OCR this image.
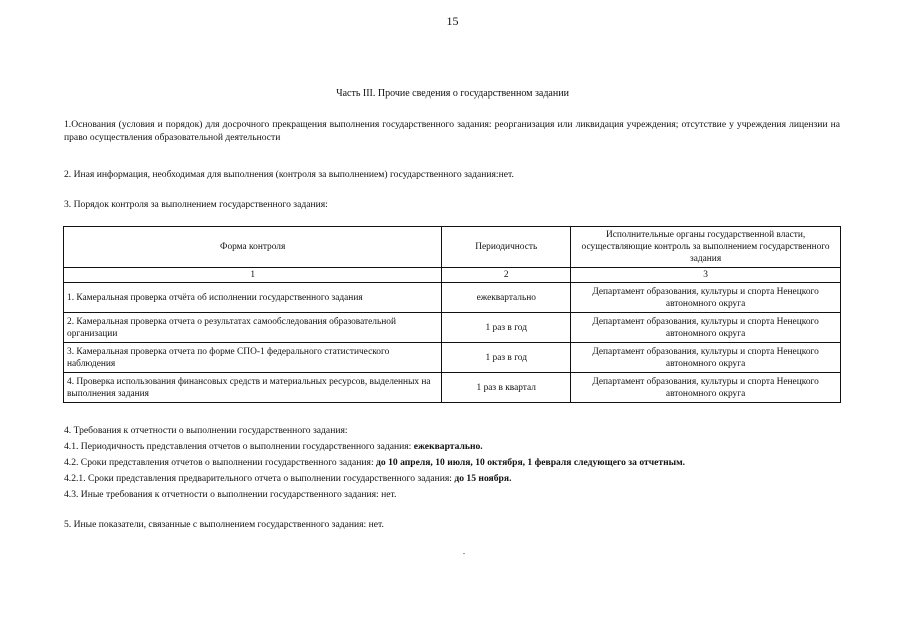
15
Часть III. Прочие сведения о государственном задании
1.Основания (условия и порядок) для досрочного прекращения выполнения государственного задания: реорганизация или ликвидация учреждения; отсутствие у учреждения лицензии на право осуществления образовательной деятельности
2. Иная информация, необходимая для выполнения (контроля за выполнением) государственного задания:нет.
3. Порядок контроля за выполнением государственного задания:
Форма контроля	Периодичность	Исполнительные органы государственной власти, осуществляющие контроль за выполнением государственного задания
1	2	3
1. Камеральная проверка отчёта об исполнении государственного задания	ежеквартально	Департамент образования, культуры и спорта Ненецкого автономного округа
2. Камеральная проверка отчета о результатах самообследования образовательной организации	1 раз в год	Департамент образования, культуры и спорта Ненецкого автономного округа
3. Камеральная проверка отчета по форме СПО-1 федерального статистического наблюдения	1 раз в год	Департамент образования, культуры и спорта Ненецкого автономного округа
4. Проверка использования финансовых средств и материальных ресурсов, выделенных на выполнения задания	1 раз в квартал	Департамент образования, культуры и спорта Ненецкого автономного округа
4. Требования к отчетности о выполнении государственного задания:
4.1. Периодичность представления отчетов о выполнении государственного задания: ежеквартально.
4.2. Сроки представления отчетов о выполнении государственного задания: до 10 апреля, 10 июля, 10 октября, 1 февраля следующего за отчетным.
4.2.1. Сроки представления предварительного отчета о выполнении государственного задания: до 15 ноября.
4.3. Иные требования к отчетности о выполнении государственного задания: нет.
5. Иные показатели, связанные с выполнением государственного задания: нет.
